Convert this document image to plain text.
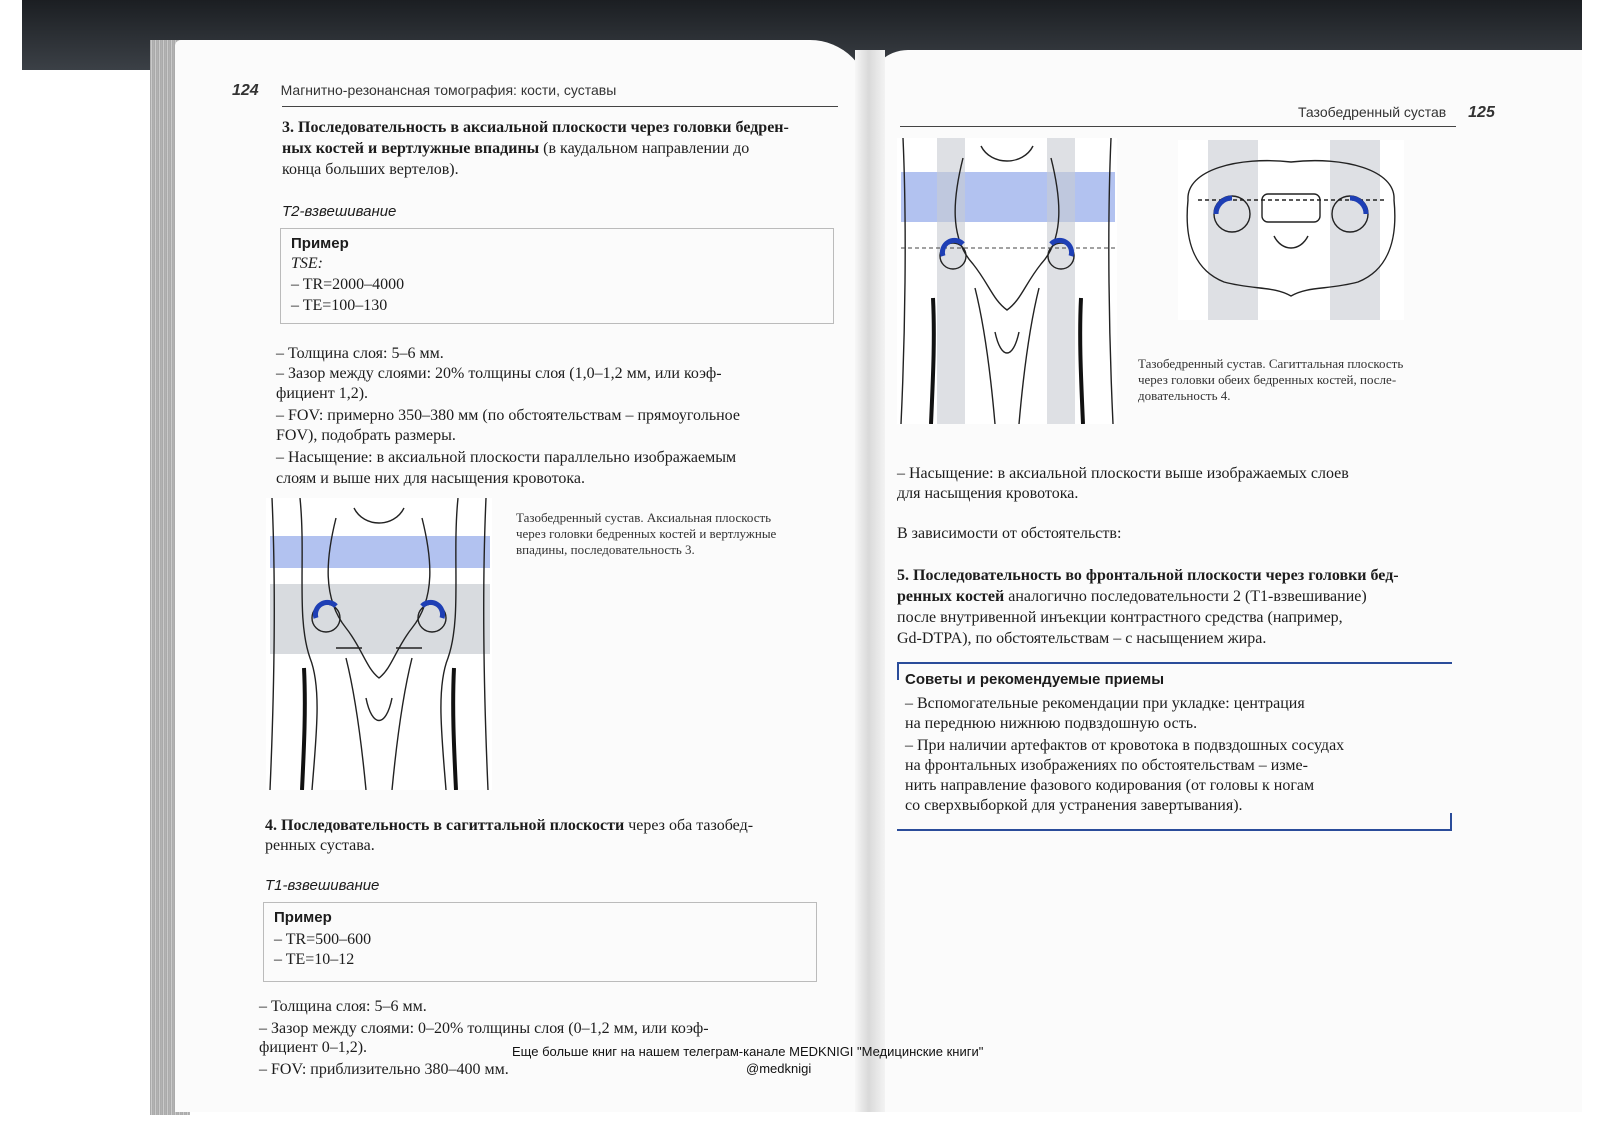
124 Магнитно-резонансная томография: кости, суставы
3. Последовательность в аксиальной плоскости через головки бедрен-
ных костей и вертлужные впадины (в каудальном направлении до
конца больших вертелов).
T2-взвешивание
Пример
TSE:
– TR=2000–4000
– TE=100–130
– Толщина слоя: 5–6 мм.
– Зазор между слоями: 20% толщины слоя (1,0–1,2 мм, или коэф-
фициент 1,2).
– FOV: примерно 350–380 мм (по обстоятельствам – прямоугольное
FOV), подобрать размеры.
– Насыщение: в аксиальной плоскости параллельно изображаемым
слоям и выше них для насыщения кровотока.
Тазобедренный сустав. Аксиальная плоскость
через головки бедренных костей и вертлужные
впадины, последовательность 3.
4. Последовательность в сагиттальной плоскости через оба тазобед-
ренных сустава.
T1-взвешивание
Пример
– TR=500–600
– TE=10–12
– Толщина слоя: 5–6 мм.
– Зазор между слоями: 0–20% толщины слоя (0–1,2 мм, или коэф-
фициент 0–1,2).
– FOV: приблизительно 380–400 мм.
Тазобедренный сустав 125
Тазобедренный сустав. Сагиттальная плоскость
через головки обеих бедренных костей, после-
довательность 4.
– Насыщение: в аксиальной плоскости выше изображаемых слоев
для насыщения кровотока.
В зависимости от обстоятельств:
5. Последовательность во фронтальной плоскости через головки бед-
ренных костей аналогично последовательности 2 (T1-взвешивание)
после внутривенной инъекции контрастного средства (например,
Gd-DTPA), по обстоятельствам – с насыщением жира.
Советы и рекомендуемые приемы
– Вспомогательные рекомендации при укладке: центрация
на переднюю нижнюю подвздошную ость.
– При наличии артефактов от кровотока в подвздошных сосудах
на фронтальных изображениях по обстоятельствам – изме-
нить направление фазового кодирования (от головы к ногам
со сверхвыборкой для устранения завертывания).
Еще больше книг на нашем телеграм-канале MEDKNIGI "Медицинские книги"
@medknigi
